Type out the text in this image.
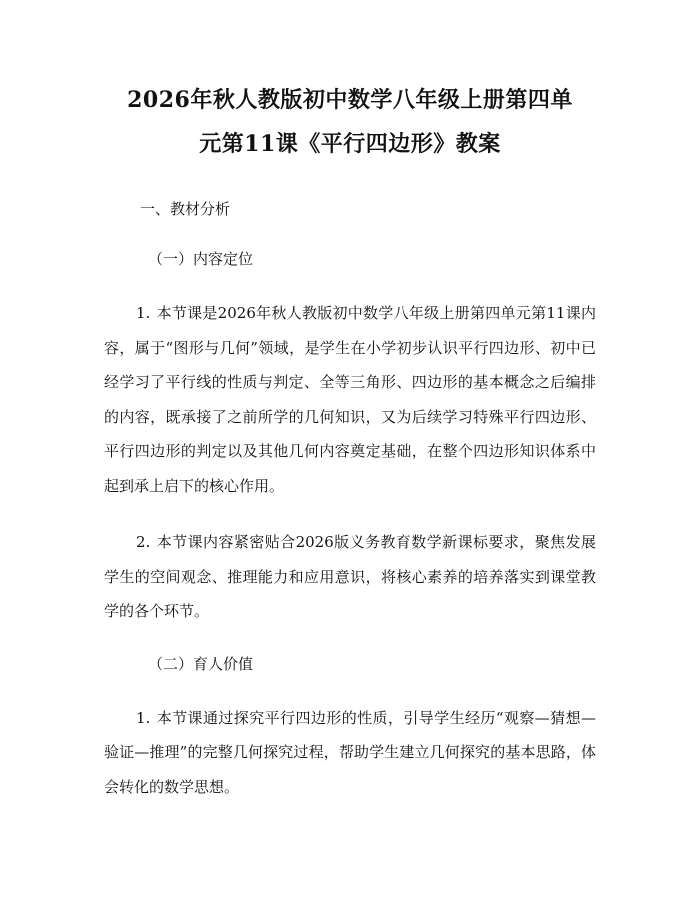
2026年秋人教版初中数学八年级上册第四单
元第11课《平行四边形》教案
一、教材分析
（一）内容定位

1. 本节课是2026年秋人教版初中数学八年级上册第四单元第11课内容，属于“图形与几何”领域，是学生在小学初步认识平行四边形、初中已经学习了平行线的性质与判定、全等三角形、四边形的基本概念之后编排的内容，既承接了之前所学的几何知识，又为后续学习特殊平行四边形、平行四边形的判定以及其他几何内容奠定基础，在整个四边形知识体系中起到承上启下的核心作用。

2. 本节课内容紧密贴合2026版义务教育数学新课标要求，聚焦发展学生的空间观念、推理能力和应用意识，将核心素养的培养落实到课堂教学的各个环节。

（二）育人价值

1. 本节课通过探究平行四边形的性质，引导学生经历“观察—猜想—验证—推理”的完整几何探究过程，帮助学生建立几何探究的基本思路，体会转化的数学思想。
